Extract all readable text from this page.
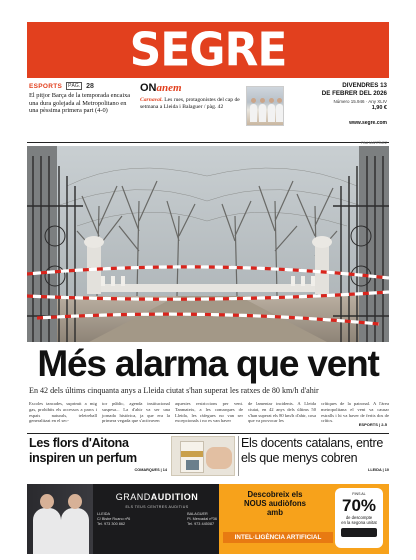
SEGRE
ESPORTS	PÀG. 28
El pitjor Barça de la temporada encaixa una dura golejada al Metropolitano en una pèssima primera part (4-0)
ONanem
Carnaval. Les rues, protagonistes del cap de setmana a Lleida i Balaguer / pàg. 42
DIVENDRES 13
DE FEBRER DEL 2026
Número 15.946 · Any XLIV
1,90 €
www.segre.com
PAU MARTÍNEZ
Més alarma que vent
En 42 dels últims cinquanta anys a Lleida ciutat s'han superat les ratxes de 80 km/h d'ahir
Escoles tancades, suprimit a mig gas, prohibits els accessos a parcs i espais naturals, teletreball generalitzat en el sec-
tor públic, agenda institucional suspesa... La d'ahir va ser una jornada històrica, ja que era la primera vegada que s'activaven
aquestes restriccions per vent. Tanmateix, a les comarques de Lleida, les ràfegues no van ser excepcionals i no es van haver
de lamentar incidents. A Lleida ciutat, en 42 anys dels últims 50 s'han superat els 80 km/h d'ahir, cosa que va provocar les
crítiques de la patronal. A l'àrea metropolitana el vent va causar estralls i hi va haver de ferits dos de crítics.
ESPORTS | 2-5
Les flors d'Aitona inspiren un perfum
COMARQUES | 14
Els docents catalans, entre els que menys cobren
LLEIDA | 10
GRANDAUDITION
ELS TEUS CENTRES AUDITIUS
LLEIDA
C/ Bisbe Ruano nº6
Tel. 973 300 862
BALAGUER
Pl. Mercadal nº36
Tel. 973 445087
Descobreix els
NOUS audiòfons
amb
INTEL·LIGÈNCIA ARTIFICIAL
FINS AL
70%
de descompte
en la segona unitat
